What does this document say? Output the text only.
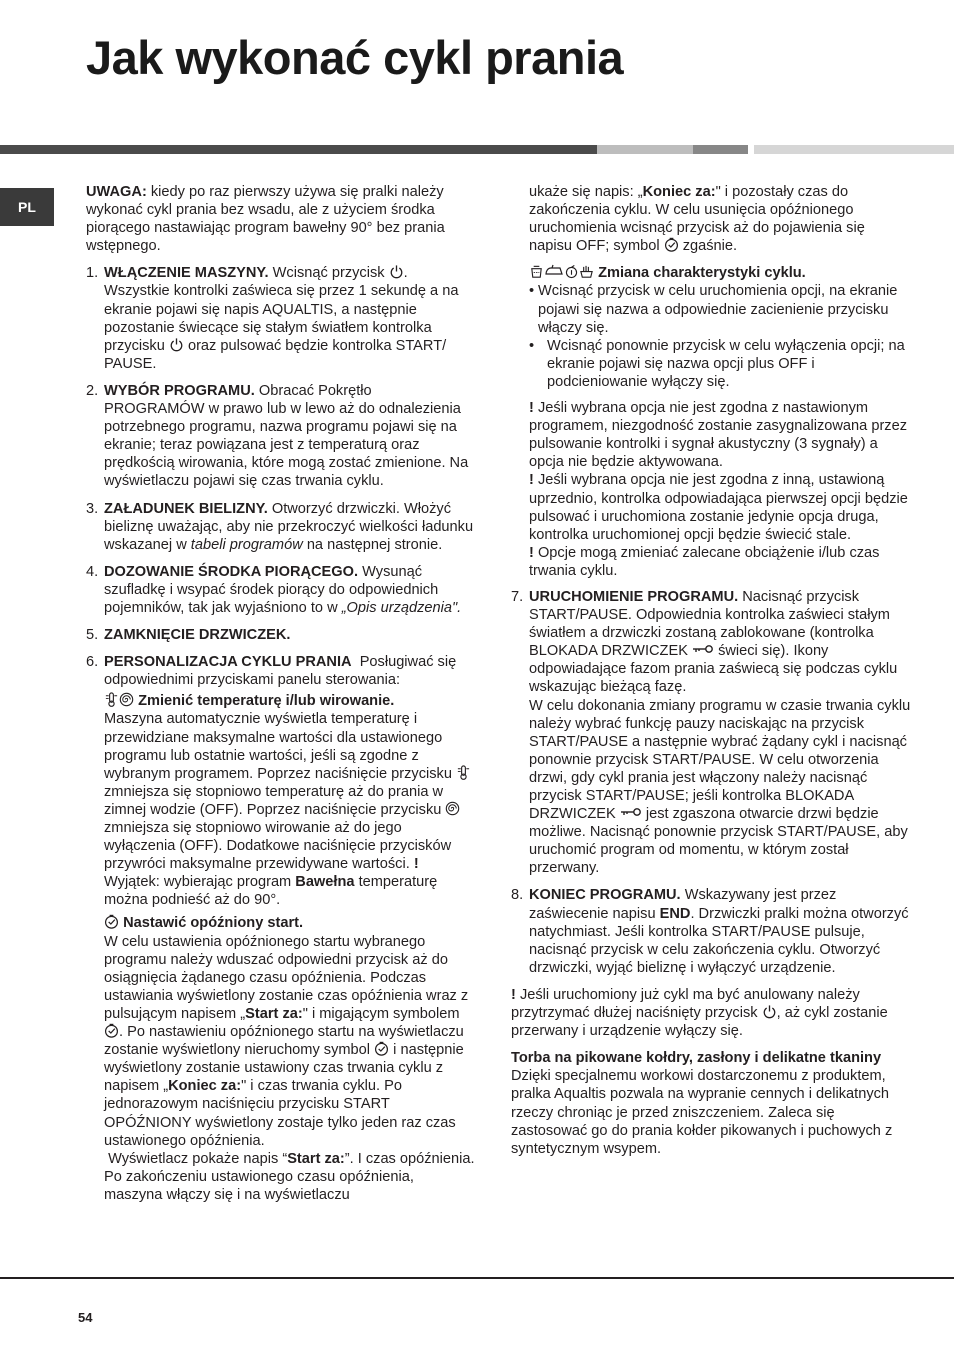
Jak wykonać cykl prania
PL

UWAGA: kiedy po raz pierwszy używa się pralki należy wykonać cykl prania bez wsadu, ale z użyciem środka piorącego nastawiając program bawełny 90° bez prania wstępnego.

1. WŁĄCZENIE MASZYNY. Wcisnąć przycisk . Wszystkie kontrolki zaświeca się przez 1 sekundę a na ekranie pojawi się napis AQUALTIS, a następnie pozostanie świecące się stałym światłem kontrolka przycisku oraz pulsować będzie kontrolka START/ PAUSE.
2. WYBÓR PROGRAMU. Obracać Pokrętło PROGRAMÓW w prawo lub w lewo aż do odnalezienia potrzebnego programu, nazwa programu pojawi się na ekranie; teraz powiązana jest z temperaturą oraz prędkością wirowania, które mogą zostać zmienione. Na wyświetlaczu pojawi się czas trwania cyklu.
3. ZAŁADUNEK BIELIZNY. Otworzyć drzwiczki. Włożyć bieliznę uważając, aby nie przekroczyć wielkości ładunku wskazanej w tabeli programów na następnej stronie.
4. DOZOWANIE ŚRODKA PIORĄCEGO. Wysunąć szufladkę i wsypać środek piorący do odpowiednich pojemników, tak jak wyjaśniono to w „Opis urządzenia".
5. ZAMKNIĘCIE DRZWICZEK.
6. PERSONALIZACJA CYKLU PRANIA Posługiwać się odpowiednimi przyciskami panelu sterowania:

Zmienić temperaturę i/lub wirowanie.

Maszyna automatycznie wyświetla temperaturę i przewidziane maksymalne wartości dla ustawionego programu lub ostatnie wartości, jeśli są zgodne z wybranym programem. Poprzez naciśnięcie przycisku  zmniejsza się stopniowo temperaturę aż do prania w zimnej wodzie (OFF). Poprzez naciśnięcie przycisku  zmniejsza się stopniowo wirowanie aż do jego wyłączenia (OFF). Dodatkowe naciśnięcie przycisków przywróci maksymalne przewidywane wartości. ! Wyjątek: wybierając program Bawełna temperaturę można podnieść aż do 90°.

Nastawić opóźniony start.

W celu ustawienia opóźnionego startu wybranego programu należy wduszać odpowiedni przycisk aż do osiągnięcia żądanego czasu opóźnienia. Podczas ustawiania wyświetlony zostanie czas opóźnienia wraz z pulsującym napisem „Start za:" i migającym symbolem . Po nastawieniu opóźnionego startu na wyświetlaczu zostanie wyświetlony nieruchomy symbol i następnie wyświetlony zostanie ustawiony czas trwania cyklu z napisem „Koniec za:" i czas trwania cyklu. Po jednorazowym naciśnięciu przycisku START OPÓŹNIONY wyświetlony zostaje tylko jeden raz czas ustawionego opóźnienia.

Wyświetlacz pokaże napis “Start za:”. I czas opóźnienia. Po zakończeniu ustawionego czasu opóźnienia, maszyna włączy się i na wyświetlaczu

ukaże się napis: „Koniec za:" i pozostały czas do zakończenia cyklu. W celu usunięcia opóźnionego uruchomienia wcisnąć przycisk aż do pojawienia się napisu OFF; symbol zgaśnie.

Zmiana charakterystyki cyklu.

• Wcisnąć przycisk w celu uruchomienia opcji, na ekranie pojawi się nazwa a odpowiednie zacienienie przycisku włączy się.
• Wcisnąć ponownie przycisk w celu wyłączenia opcji; na ekranie pojawi się nazwa opcji plus OFF i podcieniowanie wyłączy się.

! Jeśli wybrana opcja nie jest zgodna z nastawionym programem, niezgodność zostanie zasygnalizowana przez pulsowanie kontrolki i sygnał akustyczny (3 sygnały) a opcja nie będzie aktywowana.

! Jeśli wybrana opcja nie jest zgodna z inną, ustawioną uprzednio, kontrolka odpowiadająca pierwszej opcji będzie pulsować i uruchomiona zostanie jedynie opcja druga, kontrolka uruchomionej opcji będzie świecić stale.

! Opcje mogą zmieniać zalecane obciążenie i/lub czas trwania cyklu.

7. URUCHOMIENIE PROGRAMU. Nacisnąć przycisk START/PAUSE. Odpowiednia kontrolka zaświeci stałym światłem a drzwiczki zostaną zablokowane (kontrolka BLOKADA DRZWICZEK świeci się). Ikony odpowiadające fazom prania zaświecą się podczas cyklu wskazując bieżącą fazę.
W celu dokonania zmiany programu w czasie trwania cyklu należy wybrać funkcję pauzy naciskając na przycisk START/PAUSE a następnie wybrać żądany cykl i nacisnąć ponownie przycisk START/PAUSE. W celu otworzenia drzwi, gdy cykl prania jest włączony należy nacisnąć przycisk START/PAUSE; jeśli kontrolka BLOKADA DRZWICZEK jest zgaszona otwarcie drzwi będzie możliwe. Nacisnąć ponownie przycisk START/PAUSE, aby uruchomić program od momentu, w którym został przerwany.
8. KONIEC PROGRAMU. Wskazywany jest przez zaświecenie napisu END. Drzwiczki pralki można otworzyć natychmiast. Jeśli kontrolka START/PAUSE pulsuje, nacisnąć przycisk w celu zakończenia cyklu. Otworzyć drzwiczki, wyjąć bieliznę i wyłączyć urządzenie.

! Jeśli uruchomiony już cykl ma być anulowany należy przytrzymać dłużej naciśnięty przycisk , aż cykl zostanie przerwany i urządzenie wyłączy się.

Torba na pikowane kołdry, zasłony i delikatne tkaniny

Dzięki specjalnemu workowi dostarczonemu z produktem, pralka Aqualtis pozwala na wypranie cennych i delikatnych rzeczy chroniąc je przed zniszczeniem. Zaleca się zastosować go do prania kołder pikowanych i puchowych z syntetycznym wsypem.

54
